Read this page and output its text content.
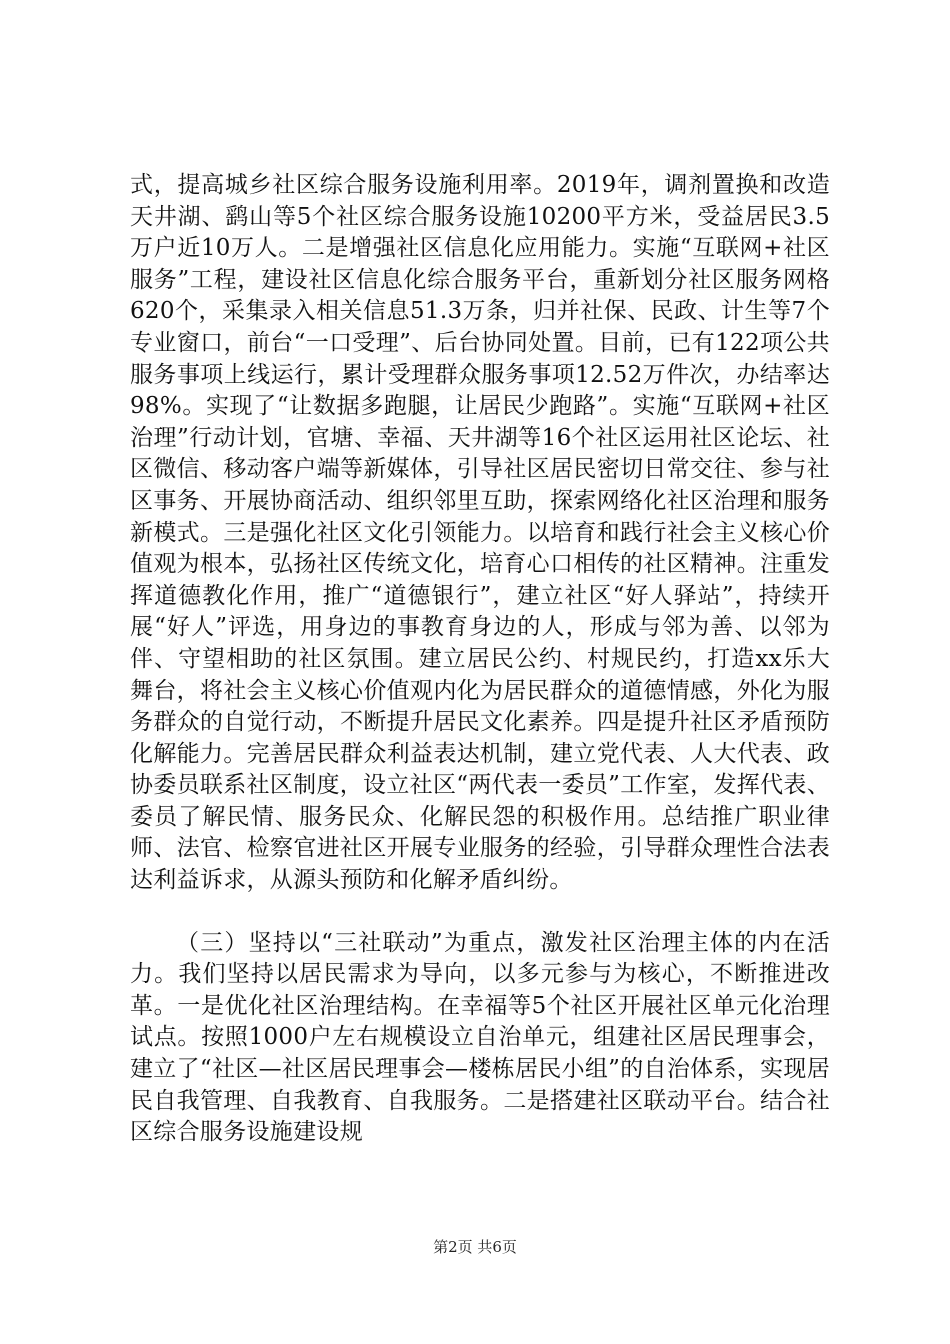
式，提高城乡社区综合服务设施利用率。2019年，调剂置换和改造天井湖、鹞山等5个社区综合服务设施10200平方米，受益居民3.5万户近10万人。二是增强社区信息化应用能力。实施“互联网+社区服务”工程，建设社区信息化综合服务平台，重新划分社区服务网格620个，采集录入相关信息51.3万条，归并社保、民政、计生等7个专业窗口，前台“一口受理”、后台协同处置。目前，已有122项公共服务事项上线运行，累计受理群众服务事项12.52万件次，办结率达98%。实现了“让数据多跑腿，让居民少跑路”。实施“互联网+社区治理”行动计划，官塘、幸福、天井湖等16个社区运用社区论坛、社区微信、移动客户端等新媒体，引导社区居民密切日常交往、参与社区事务、开展协商活动、组织邻里互助，探索网络化社区治理和服务新模式。三是强化社区文化引领能力。以培育和践行社会主义核心价值观为根本，弘扬社区传统文化，培育心口相传的社区精神。注重发挥道德教化作用，推广“道德银行”，建立社区“好人驿站”，持续开展“好人”评选，用身边的事教育身边的人，形成与邻为善、以邻为伴、守望相助的社区氛围。建立居民公约、村规民约，打造xx乐大舞台，将社会主义核心价值观内化为居民群众的道德情感，外化为服务群众的自觉行动，不断提升居民文化素养。四是提升社区矛盾预防化解能力。完善居民群众利益表达机制，建立党代表、人大代表、政协委员联系社区制度，设立社区“两代表一委员”工作室，发挥代表、委员了解民情、服务民众、化解民怨的积极作用。总结推广职业律师、法官、检察官进社区开展专业服务的经验，引导群众理性合法表达利益诉求，从源头预防和化解矛盾纠纷。

（三）坚持以“三社联动”为重点，激发社区治理主体的内在活力。我们坚持以居民需求为导向，以多元参与为核心，不断推进改革。一是优化社区治理结构。在幸福等5个社区开展社区单元化治理试点。按照1000户左右规模设立自治单元，组建社区居民理事会，建立了“社区—社区居民理事会—楼栋居民小组”的自治体系，实现居民自我管理、自我教育、自我服务。二是搭建社区联动平台。结合社区综合服务设施建设规

第2页 共6页
